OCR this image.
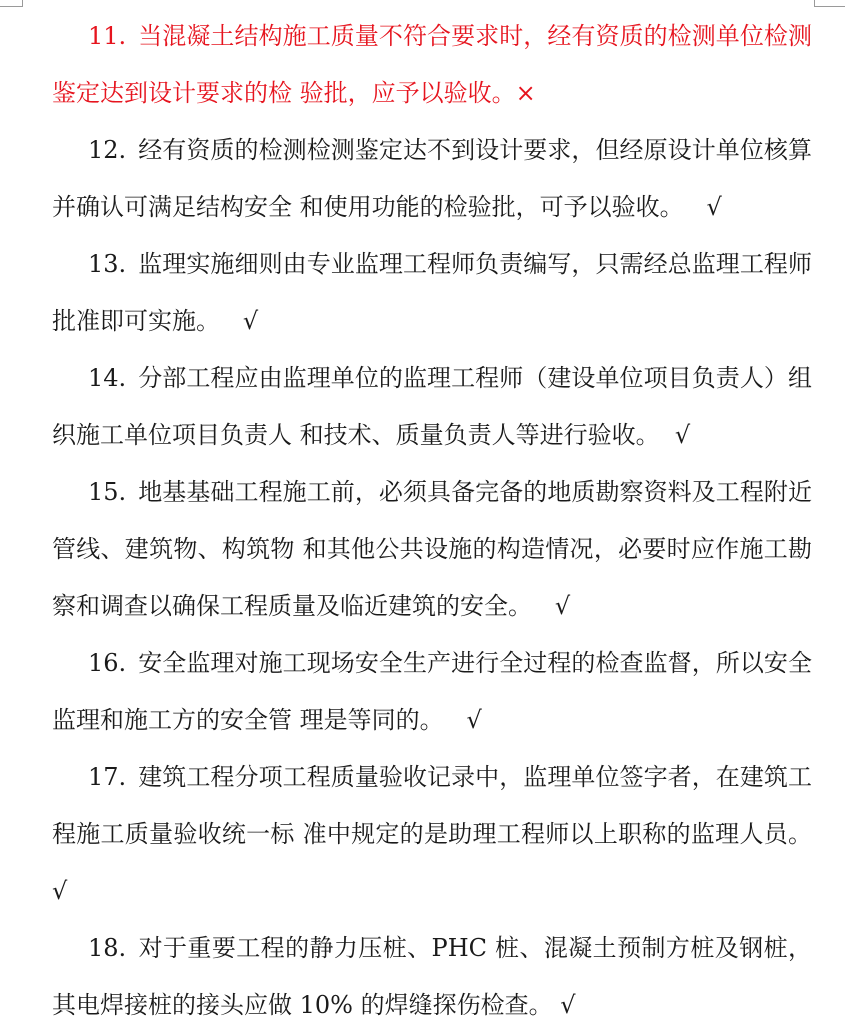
11. 当混凝土结构施工质量不符合要求时，经有资质的检测单位检测鉴定达到设计要求的检 验批，应予以验收。×

12. 经有资质的检测检测鉴定达不到设计要求，但经原设计单位核算并确认可满足结构安全 和使用功能的检验批，可予以验收。 √

13. 监理实施细则由专业监理工程师负责编写，只需经总监理工程师批准即可实施。 √

14. 分部工程应由监理单位的监理工程师（建设单位项目负责人）组织施工单位项目负责人 和技术、质量负责人等进行验收。 √

15. 地基基础工程施工前，必须具备完备的地质勘察资料及工程附近管线、建筑物、构筑物 和其他公共设施的构造情况，必要时应作施工勘察和调查以确保工程质量及临近建筑的安全。 √

16. 安全监理对施工现场安全生产进行全过程的检查监督，所以安全监理和施工方的安全管 理是等同的。 √

17. 建筑工程分项工程质量验收记录中，监理单位签字者，在建筑工程施工质量验收统一标 准中规定的是助理工程师以上职称的监理人员。   √

18. 对于重要工程的静力压桩、PHC 桩、混凝土预制方桩及钢桩，其电焊接桩的接头应做 10% 的焊缝探伤检查。 √
